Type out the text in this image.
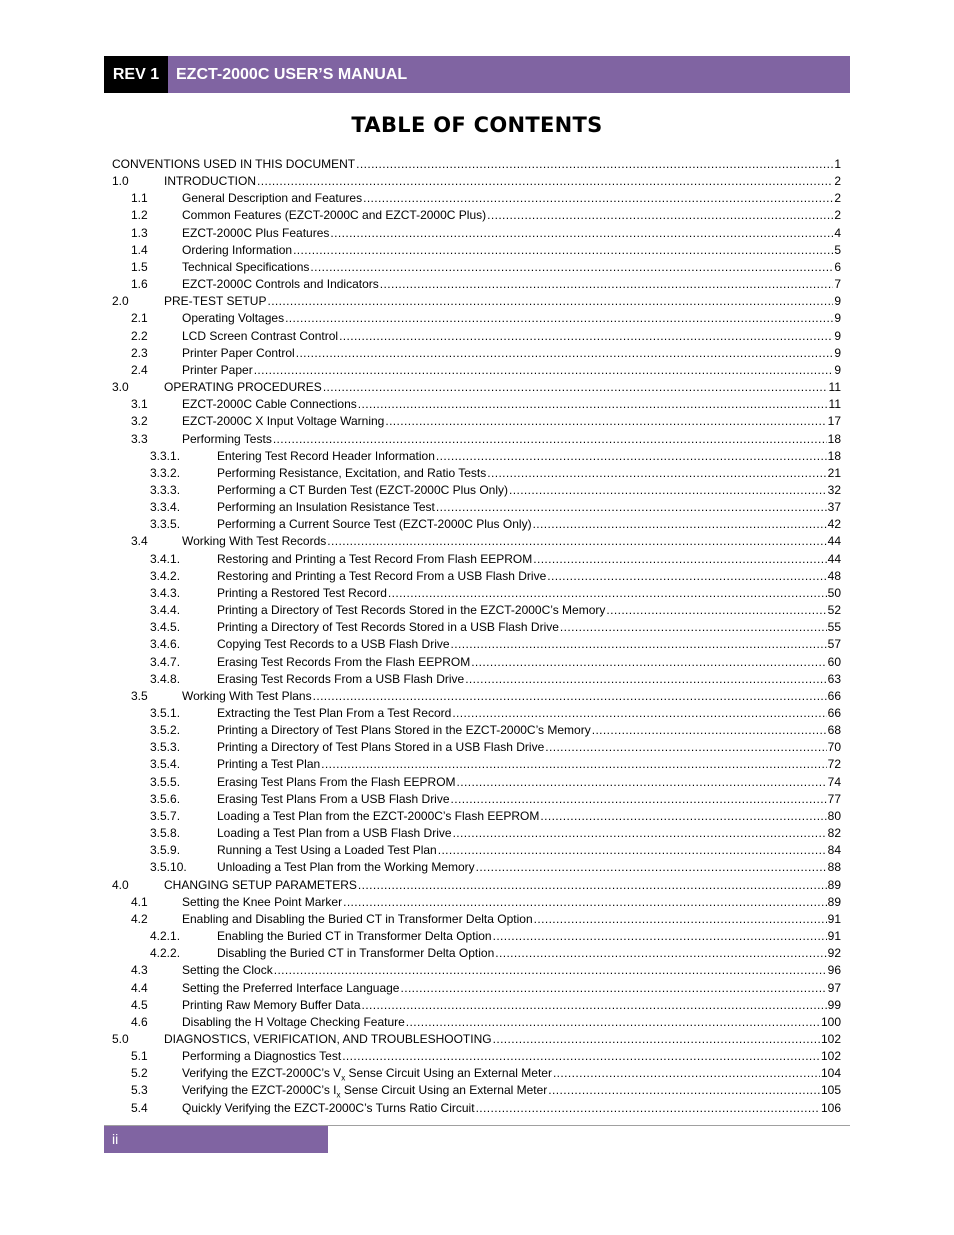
REV 1	EZCT-2000C USER’S MANUAL
TABLE OF CONTENTS
CONVENTIONS USED IN THIS DOCUMENT .....	1
1.0	INTRODUCTION .....	2
1.1	General Description and Features .....	2
1.2	Common Features (EZCT-2000C and EZCT-2000C Plus) .....	2
1.3	EZCT-2000C Plus Features .....	4
1.4	Ordering Information .....	5
1.5	Technical Specifications .....	6
1.6	EZCT-2000C Controls and Indicators .....	7
2.0	PRE-TEST SETUP .....	9
2.1	Operating Voltages .....	9
2.2	LCD Screen Contrast Control .....	9
2.3	Printer Paper Control .....	9
2.4	Printer Paper .....	9
3.0	OPERATING PROCEDURES .....	11
3.1	EZCT-2000C Cable Connections .....	11
3.2	EZCT-2000C X Input Voltage Warning .....	17
3.3	Performing Tests .....	18
3.3.1.	Entering Test Record Header Information .....	18
3.3.2.	Performing Resistance, Excitation, and Ratio Tests .....	21
3.3.3.	Performing a CT Burden Test (EZCT-2000C Plus Only) .....	32
3.3.4.	Performing an Insulation Resistance Test .....	37
3.3.5.	Performing a Current Source Test (EZCT-2000C Plus Only) .....	42
3.4	Working With Test Records .....	44
3.4.1.	Restoring and Printing a Test Record From Flash EEPROM .....	44
3.4.2.	Restoring and Printing a Test Record From a USB Flash Drive .....	48
3.4.3.	Printing a Restored Test Record .....	50
3.4.4.	Printing a Directory of Test Records Stored in the EZCT-2000C’s Memory .....	52
3.4.5.	Printing a Directory of Test Records Stored in a USB Flash Drive .....	55
3.4.6.	Copying Test Records to a USB Flash Drive .....	57
3.4.7.	Erasing Test Records From the Flash EEPROM .....	60
3.4.8.	Erasing Test Records From a USB Flash Drive .....	63
3.5	Working With Test Plans .....	66
3.5.1.	Extracting the Test Plan From a Test Record .....	66
3.5.2.	Printing a Directory of Test Plans Stored in the EZCT-2000C’s Memory .....	68
3.5.3.	Printing a Directory of Test Plans Stored in a USB Flash Drive .....	70
3.5.4.	Printing a Test Plan .....	72
3.5.5.	Erasing Test Plans From the Flash EEPROM .....	74
3.5.6.	Erasing Test Plans From a USB Flash Drive .....	77
3.5.7.	Loading a Test Plan from the EZCT-2000C’s Flash EEPROM .....	80
3.5.8.	Loading a Test Plan from a USB Flash Drive .....	82
3.5.9.	Running a Test Using a Loaded Test Plan .....	84
3.5.10.	Unloading a Test Plan from the Working Memory .....	88
4.0	CHANGING SETUP PARAMETERS .....	89
4.1	Setting the Knee Point Marker .....	89
4.2	Enabling and Disabling the Buried CT in Transformer Delta Option .....	91
4.2.1.	Enabling the Buried CT in Transformer Delta Option .....	91
4.2.2.	Disabling the Buried CT in Transformer Delta Option .....	92
4.3	Setting the Clock .....	96
4.4	Setting the Preferred Interface Language .....	97
4.5	Printing Raw Memory Buffer Data .....	99
4.6	Disabling the H Voltage Checking Feature .....	100
5.0	DIAGNOSTICS, VERIFICATION, AND TROUBLESHOOTING .....	102
5.1	Performing a Diagnostics Test .....	102
5.2	Verifying the EZCT-2000C’s $V_x$ Sense Circuit Using an External Meter .....	104
5.3	Verifying the EZCT-2000C’s $I_x$ Sense Circuit Using an External Meter .....	105
5.4	Quickly Verifying the EZCT-2000C’s Turns Ratio Circuit .....	106
ii
